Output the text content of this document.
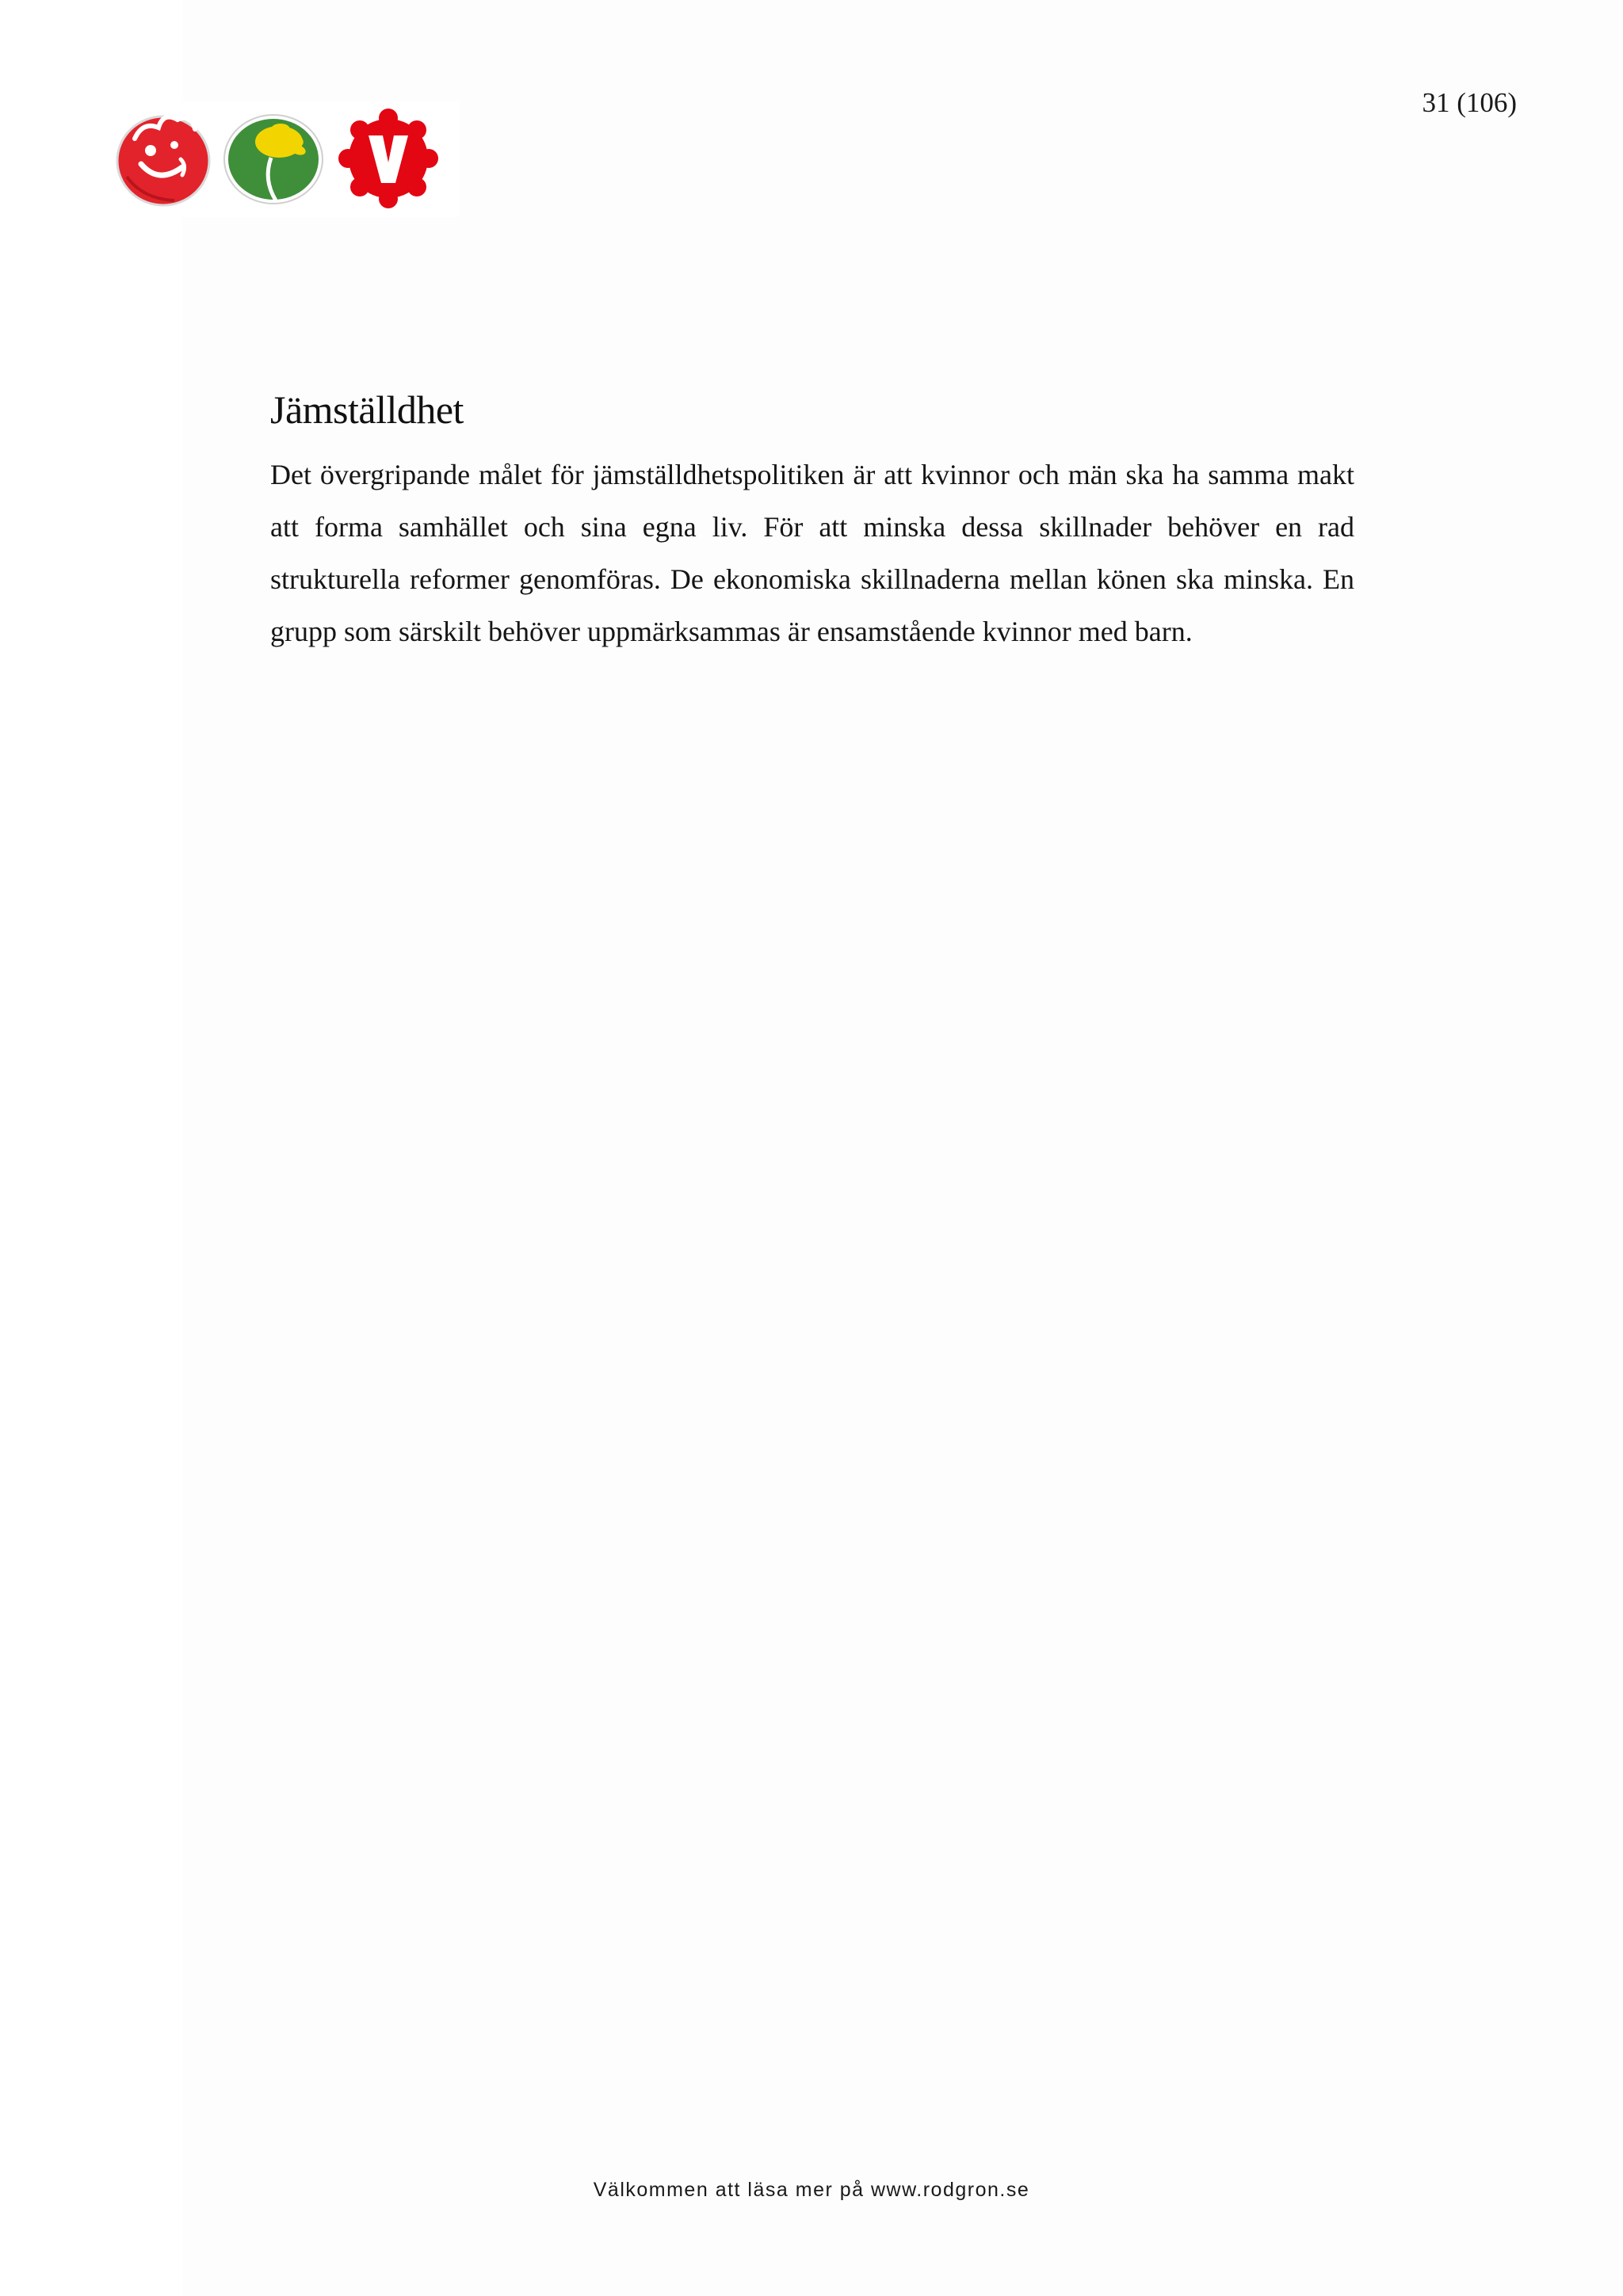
31 (106)
Jämställdhet

Det övergripande målet för jämställdhetspolitiken är att kvinnor och män ska ha samma makt att forma samhället och sina egna liv. För att minska dessa skillnader behöver en rad strukturella reformer genomföras. De ekonomiska skillnaderna mellan könen ska minska. En grupp som särskilt behöver uppmärksammas är ensamstående kvinnor med barn.

Välkommen att läsa mer på www.rodgron.se
